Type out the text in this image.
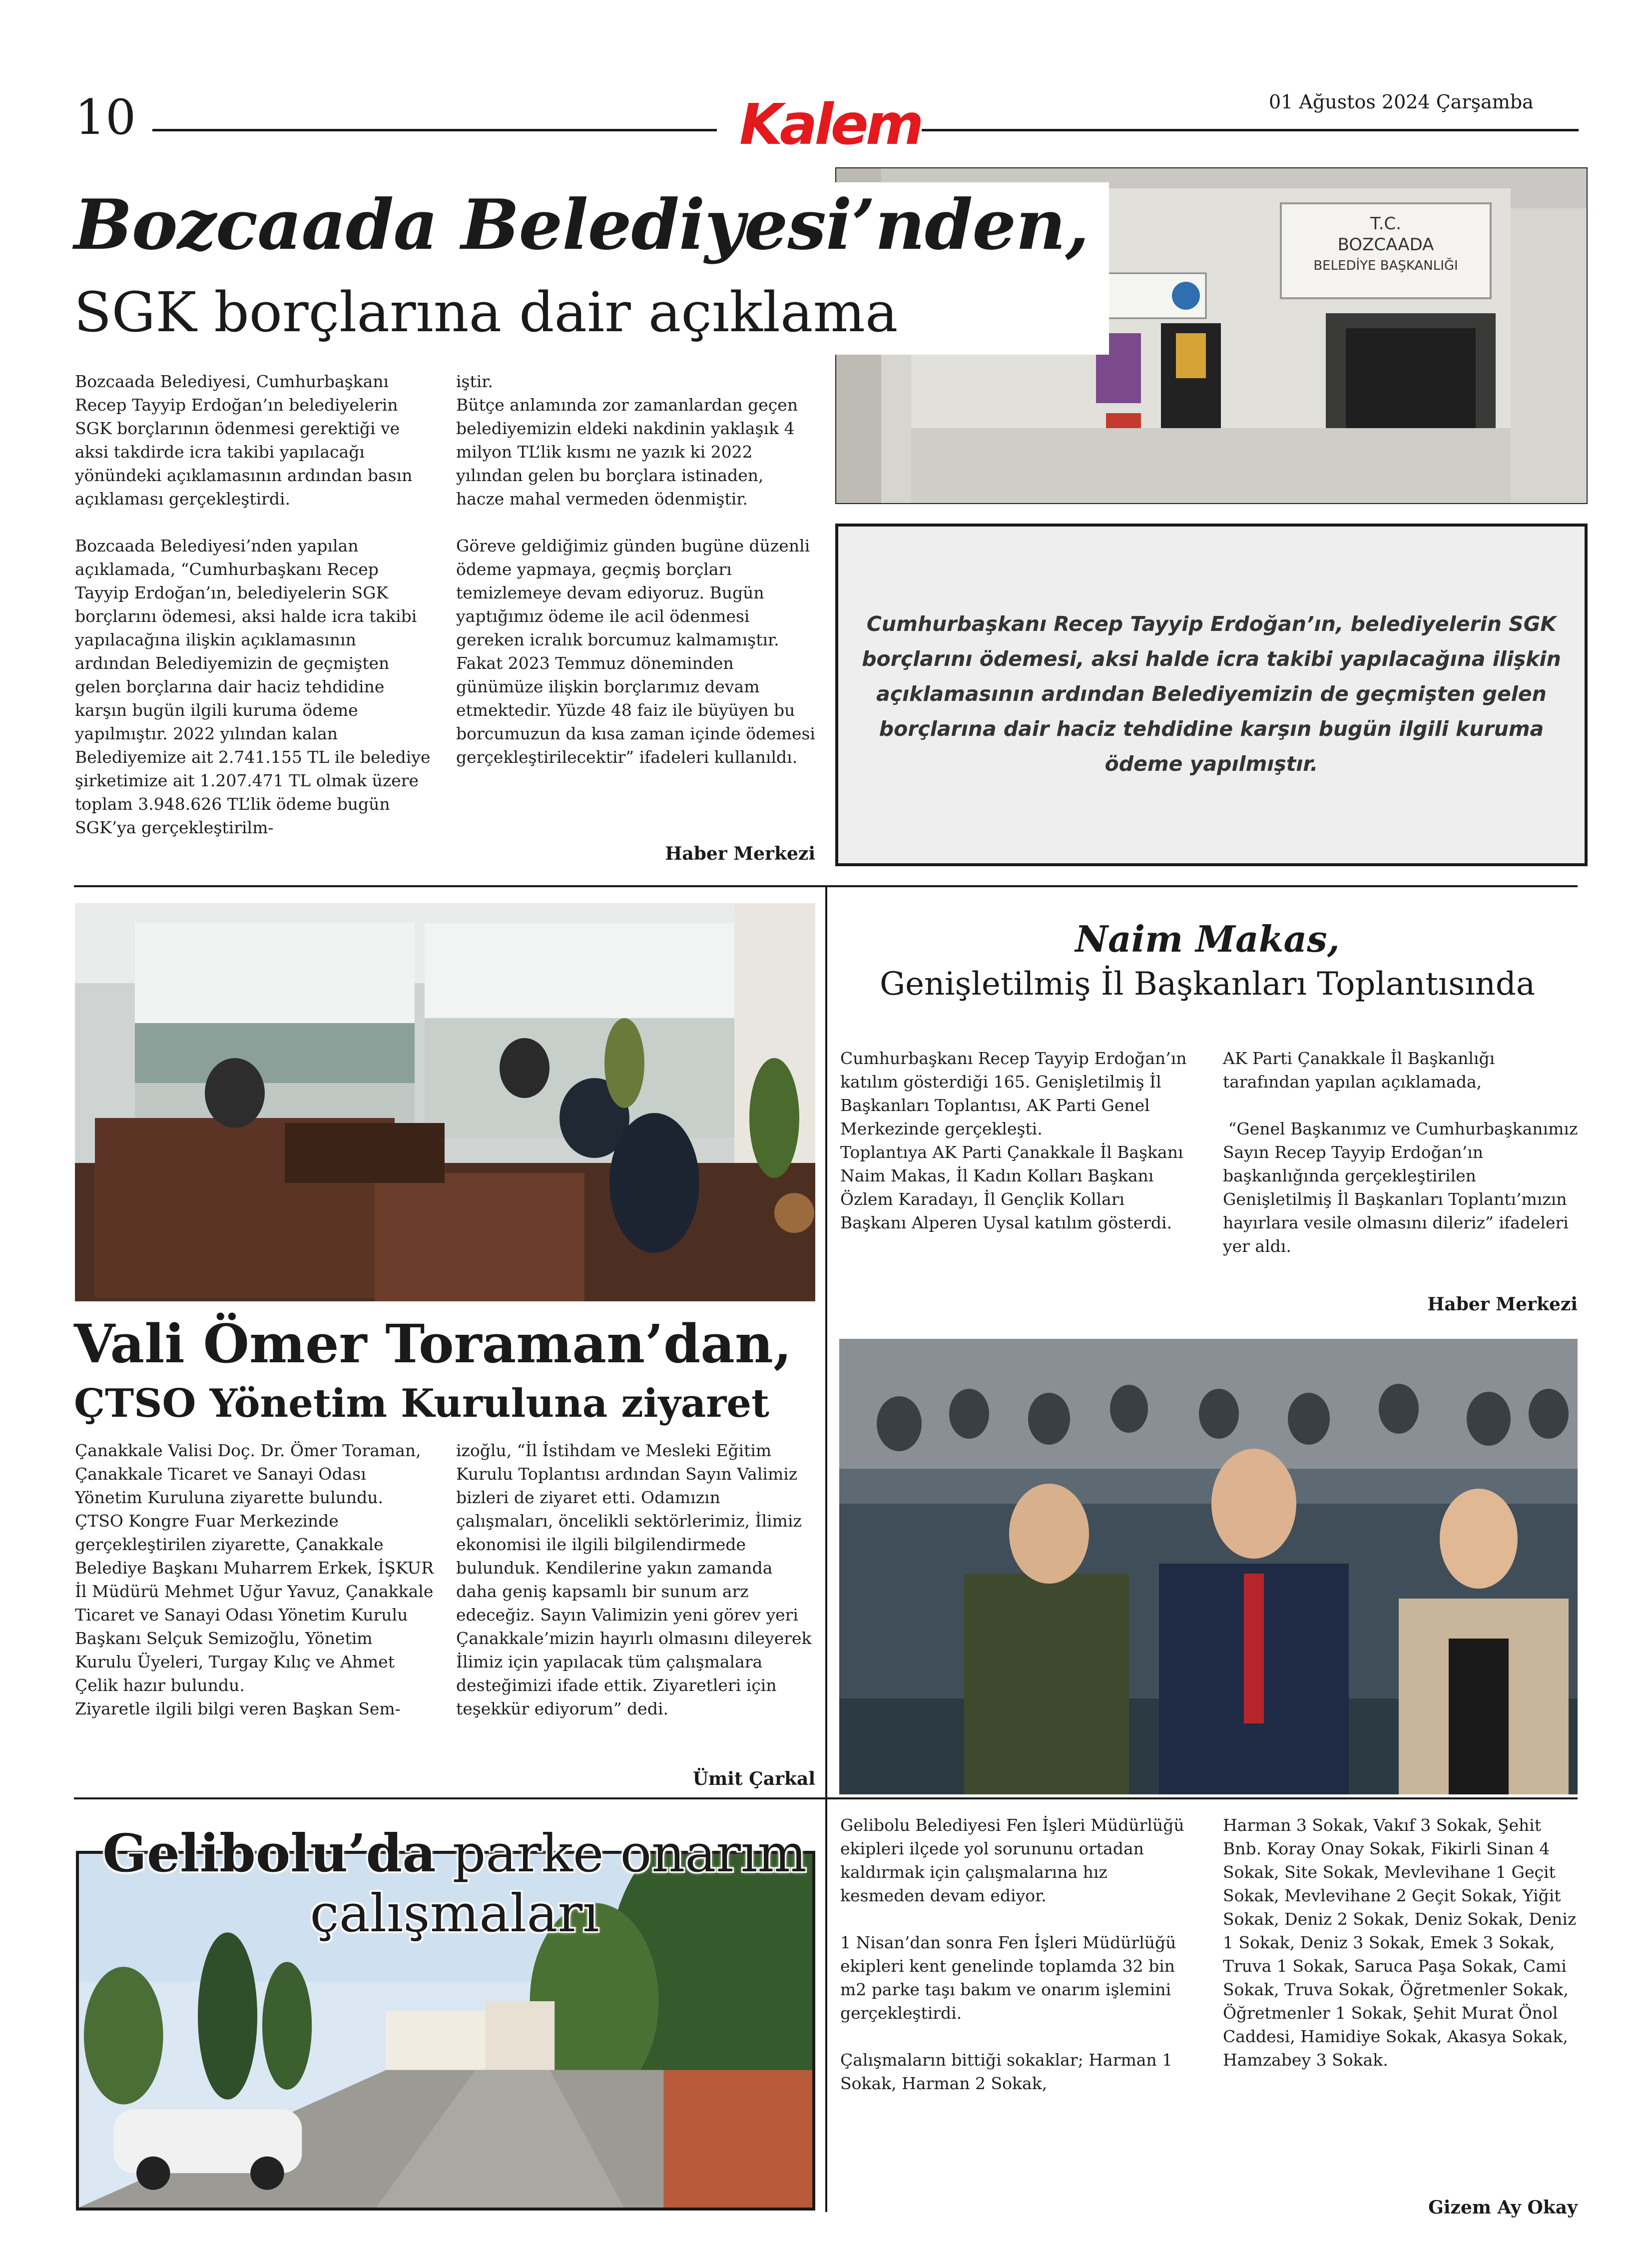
10	Kalem	01 Ağustos 2024 Çarşamba
T.C.
BOZCAADA
BELEDİYE BAŞKANLIĞI
Bozcaada Belediyesi’nden,
SGK borçlarına dair açıklama

Bozcaada Belediyesi, Cumhurbaşkanı Recep Tayyip Erdoğan’ın belediyelerin SGK borçlarının ödenmesi gerektiği ve aksi takdirde icra takibi yapılacağı yönündeki açıklamasının ardından basın açıklaması gerçekleştirdi.

Bozcaada Belediyesi’nden yapılan açıklamada, “Cumhurbaşkanı Recep Tayyip Erdoğan’ın, belediyelerin SGK borçlarını ödemesi, aksi halde icra takibi yapılacağına ilişkin açıklamasının ardından Belediyemizin de geçmişten gelen borçlarına dair haciz tehdidine karşın bugün ilgili kuruma ödeme yapılmıştır. 2022 yılından kalan Belediyemize ait 2.741.155 TL ile belediye şirketimize ait 1.207.471 TL olmak üzere toplam 3.948.626 TL’lik ödeme bugün SGK’ya gerçekleştirilm-

iştir.
Bütçe anlamında zor zamanlardan geçen belediyemizin eldeki nakdinin yaklaşık 4 milyon TL’lik kısmı ne yazık ki 2022 yılından gelen bu borçlara istinaden, hacze mahal vermeden ödenmiştir.

Göreve geldiğimiz günden bugüne düzenli ödeme yapmaya, geçmiş borçları temizlemeye devam ediyoruz. Bugün yaptığımız ödeme ile acil ödenmesi gereken icralık borcumuz kalmamıştır. Fakat 2023 Temmuz döneminden günümüze ilişkin borçlarımız devam etmektedir. Yüzde 48 faiz ile büyüyen bu borcumuzun da kısa zaman içinde ödemesi gerçekleştirilecektir” ifadeleri kullanıldı.

Haber Merkezi
Cumhurbaşkanı Recep Tayyip Erdoğan’ın, belediyelerin SGK borçlarını ödemesi, aksi halde icra takibi yapılacağına ilişkin açıklamasının ardından Belediyemizin de geçmişten gelen borçlarına dair haciz tehdidine karşın bugün ilgili kuruma ödeme yapılmıştır.
Vali Ömer Toraman’dan,
ÇTSO Yönetim Kuruluna ziyaret

Çanakkale Valisi Doç. Dr. Ömer Toraman, Çanakkale Ticaret ve Sanayi Odası Yönetim Kuruluna ziyarette bulundu.
ÇTSO Kongre Fuar Merkezinde gerçekleştirilen ziyarette, Çanakkale Belediye Başkanı Muharrem Erkek, İŞKUR İl Müdürü Mehmet Uğur Yavuz, Çanakkale Ticaret ve Sanayi Odası Yönetim Kurulu Başkanı Selçuk Semizoğlu, Yönetim Kurulu Üyeleri, Turgay Kılıç ve Ahmet Çelik hazır bulundu.
Ziyaretle ilgili bilgi veren Başkan Sem-

izoğlu, “İl İstihdam ve Mesleki Eğitim Kurulu Toplantısı ardından Sayın Valimiz bizleri de ziyaret etti. Odamızın çalışmaları, öncelikli sektörlerimiz, İlimiz ekonomisi ile ilgili bilgilendirmede bulunduk. Kendilerine yakın zamanda daha geniş kapsamlı bir sunum arz edeceğiz. Sayın Valimizin yeni görev yeri Çanakkale’mizin hayırlı olmasını dileyerek İlimiz için yapılacak tüm çalışmalara desteğimizi ifade ettik. Ziyaretleri için teşekkür ediyorum” dedi.

Ümit Çarkal
Naim Makas,
Genişletilmiş İl Başkanları Toplantısında

Cumhurbaşkanı Recep Tayyip Erdoğan’ın katılım gösterdiği 165. Genişletilmiş İl Başkanları Toplantısı, AK Parti Genel Merkezinde gerçekleşti.
Toplantıya AK Parti Çanakkale İl Başkanı Naim Makas, İl Kadın Kolları Başkanı Özlem Karadayı, İl Gençlik Kolları Başkanı Alperen Uysal katılım gösterdi.

AK Parti Çanakkale İl Başkanlığı tarafından yapılan açıklamada,

“Genel Başkanımız ve Cumhurbaşkanımız Sayın Recep Tayyip Erdoğan’ın başkanlığında gerçekleştirilen Genişletilmiş İl Başkanları Toplantı’mızın hayırlara vesile olmasını dileriz” ifadeleri yer aldı.

Haber Merkezi
Gelibolu’da parke onarım
çalışmaları

Gelibolu Belediyesi Fen İşleri Müdürlüğü ekipleri ilçede yol sorununu ortadan kaldırmak için çalışmalarına hız kesmeden devam ediyor.

1 Nisan’dan sonra Fen İşleri Müdürlüğü ekipleri kent genelinde toplamda 32 bin m2 parke taşı bakım ve onarım işlemini gerçekleştirdi.

Çalışmaların bittiği sokaklar; Harman 1 Sokak, Harman 2 Sokak,

Harman 3 Sokak, Vakıf 3 Sokak, Şehit Bnb. Koray Onay Sokak, Fikirli Sinan 4 Sokak, Site Sokak, Mevlevihane 1 Geçit Sokak, Mevlevihane 2 Geçit Sokak, Yiğit Sokak, Deniz 2 Sokak, Deniz Sokak, Deniz 1 Sokak, Deniz 3 Sokak, Emek 3 Sokak, Truva 1 Sokak, Saruca Paşa Sokak, Cami Sokak, Truva Sokak, Öğretmenler Sokak, Öğretmenler 1 Sokak, Şehit Murat Önol Caddesi, Hamidiye Sokak, Akasya Sokak, Hamzabey 3 Sokak.

Gizem Ay Okay
